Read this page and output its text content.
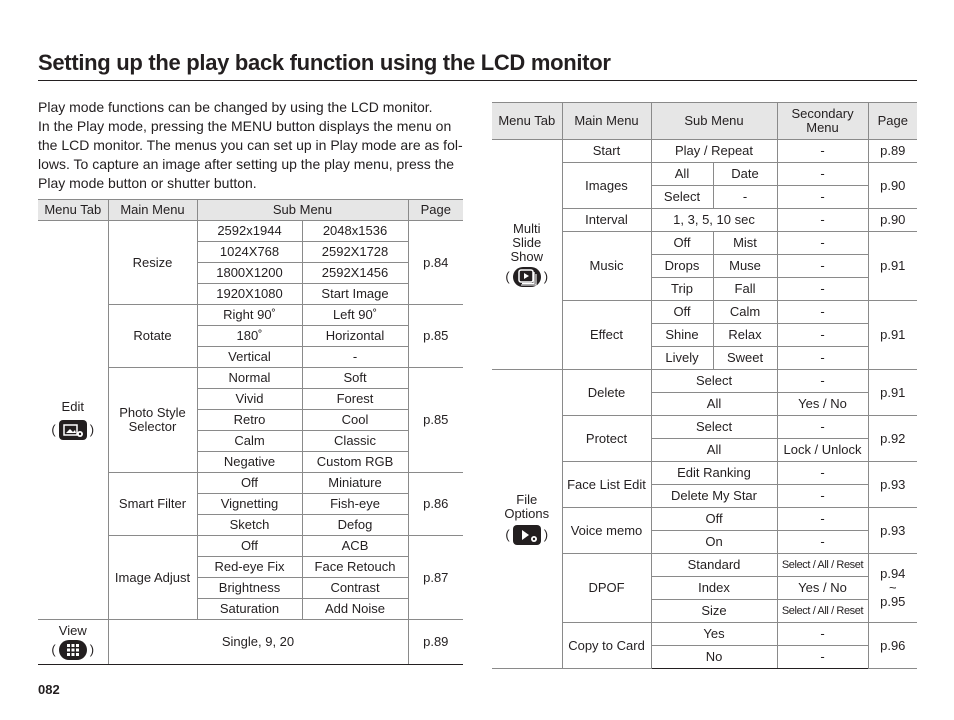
Setting up the play back function using the LCD monitor

Play mode functions can be changed by using the LCD monitor.
In the Play mode, pressing the MENU button displays the menu on
the LCD monitor. The menus you can set up in Play mode are as fol-
lows. To capture an image after setting up the play menu, press the
Play mode button or shutter button.

Menu Tab	Main Menu	Sub Menu		Page

Edit
( )	Resize	2592x1944	2048x1536	p.84
		1024X768	2592X1728	
		1800X1200	2592X1456	
		1920X1080	Start Image	
	Rotate	Right 90˚	Left 90˚	p.85
		180˚	Horizontal	
		Vertical	-	
	Photo Style Selector	Normal	Soft	p.85
		Vivid	Forest	
		Retro	Cool	
		Calm	Classic	
		Negative	Custom RGB	
	Smart Filter	Off	Miniature	p.86
		Vignetting	Fish-eye	
		Sketch	Defog	
	Image Adjust	Off	ACB	p.87
		Red-eye Fix	Face Retouch	
		Brightness	Contrast	
		Saturation	Add Noise	

View
( )	Single, 9, 20			p.89
Menu Tab	Main Menu	Sub Menu		Secondary Menu	Page

Multi Slide Show
( )	Start	Play / Repeat		-	p.89
	Images	All	Date	-	p.90
		Select	-	-	
	Interval	1, 3, 5, 10 sec		-	p.90
	Music	Off	Mist	-	p.91
		Drops	Muse	-	
		Trip	Fall	-	
	Effect	Off	Calm	-	p.91
		Shine	Relax	-	
		Lively	Sweet	-	

File Options
( )	Delete	Select		-	p.91
		All		Yes / No	
	Protect	Select		-	p.92
		All		Lock / Unlock	
	Face List Edit	Edit Ranking		-	p.93
		Delete My Star		-	
	Voice memo	Off		-	p.93
		On		-	
	DPOF	Standard		Select / All / Reset	p.94
~
p.95

		Index		Yes / No	
		Size		Select / All / Reset	
	Copy to Card	Yes		-	p.96
		No		-	
082
